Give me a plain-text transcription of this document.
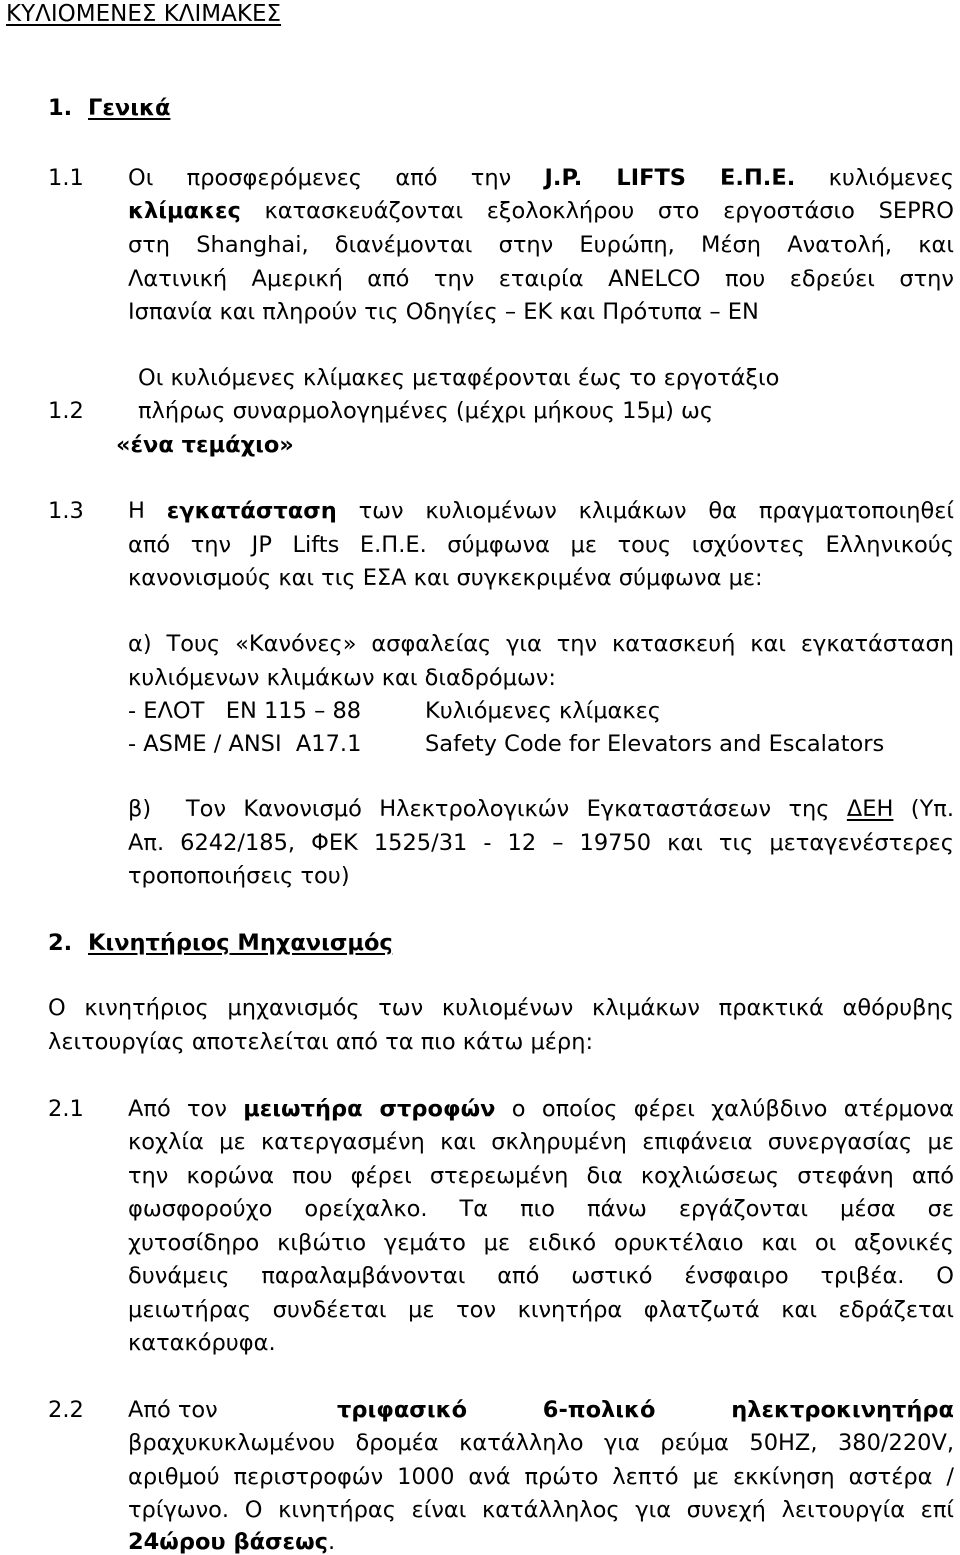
ΚΥΛΙΟΜΕΝΕΣ ΚΛΙΜΑΚΕΣ
1. Γενικά
1.1 Οι προσφερόμενες από την J.P. LIFTS Ε.Π.Ε. κυλιόμενες
κλίμακες κατασκευάζονται εξολοκλήρου στο εργοστάσιο SEPRO
στη Shanghai, διανέμονται στην Ευρώπη, Μέση Ανατολή, και
Λατινική Αμερική από την εταιρία ANELCO που εδρεύει στην
Ισπανία και πληρούν τις Οδηγίες – ΕΚ και Πρότυπα – ΕΝ
Οι κυλιόμενες κλίμακες μεταφέρονται έως το εργοτάξιο
1.2 πλήρως συναρμολογημένες (μέχρι μήκους 15μ) ως
«ένα τεμάχιο»
1.3 Η εγκατάσταση των κυλιομένων κλιμάκων θα πραγματοποιηθεί
από την JP Lifts Ε.Π.Ε. σύμφωνα με τους ισχύοντες Ελληνικούς
κανονισμούς και τις ΕΣΑ και συγκεκριμένα σύμφωνα με:
α) Τους «Κανόνες» ασφαλείας για την κατασκευή και εγκατάσταση
κυλιόμενων κλιμάκων και διαδρόμων:
- ΕΛΟΤ   ΕΝ 115 – 88	Κυλιόμενες κλίμακες
- ASME / ANSI  A17.1	Safety Code for Elevators and Escalators
β)  Τον Κανονισμό Ηλεκτρολογικών Εγκαταστάσεων της ΔΕΗ (Υπ.
Απ. 6242/185, ΦΕΚ 1525/31 - 12 – 19750 και τις μεταγενέστερες
τροποποιήσεις του)
2. Κινητήριος Μηχανισμός
Ο κινητήριος μηχανισμός των κυλιομένων κλιμάκων πρακτικά αθόρυβης
λειτουργίας αποτελείται από τα πιο κάτω μέρη:
2.1 Από τον μειωτήρα στροφών ο οποίος φέρει χαλύβδινο ατέρμονα
κοχλία με κατεργασμένη και σκληρυμένη επιφάνεια συνεργασίας με
την κορώνα που φέρει στερεωμένη δια κοχλιώσεως στεφάνη από
φωσφορούχο ορείχαλκο. Τα πιο πάνω εργάζονται μέσα σε
χυτοσίδηρο κιβώτιο γεμάτο με ειδικό ορυκτέλαιο και οι αξονικές
δυνάμεις παραλαμβάνονται από ωστικό ένσφαιρο τριβέα. Ο
μειωτήρας συνδέεται με τον κινητήρα φλατζωτά και εδράζεται
κατακόρυφα.
2.2 Από τον	τριφασικό 6-πολικό ηλεκτροκινητήρα
βραχυκυκλωμένου δρομέα κατάλληλο για ρεύμα 50HZ, 380/220V,
αριθμού περιστροφών 1000 ανά πρώτο λεπτό με εκκίνηση αστέρα /
τρίγωνο. Ο κινητήρας είναι κατάλληλος για συνεχή λειτουργία επί
24ώρου βάσεως.
